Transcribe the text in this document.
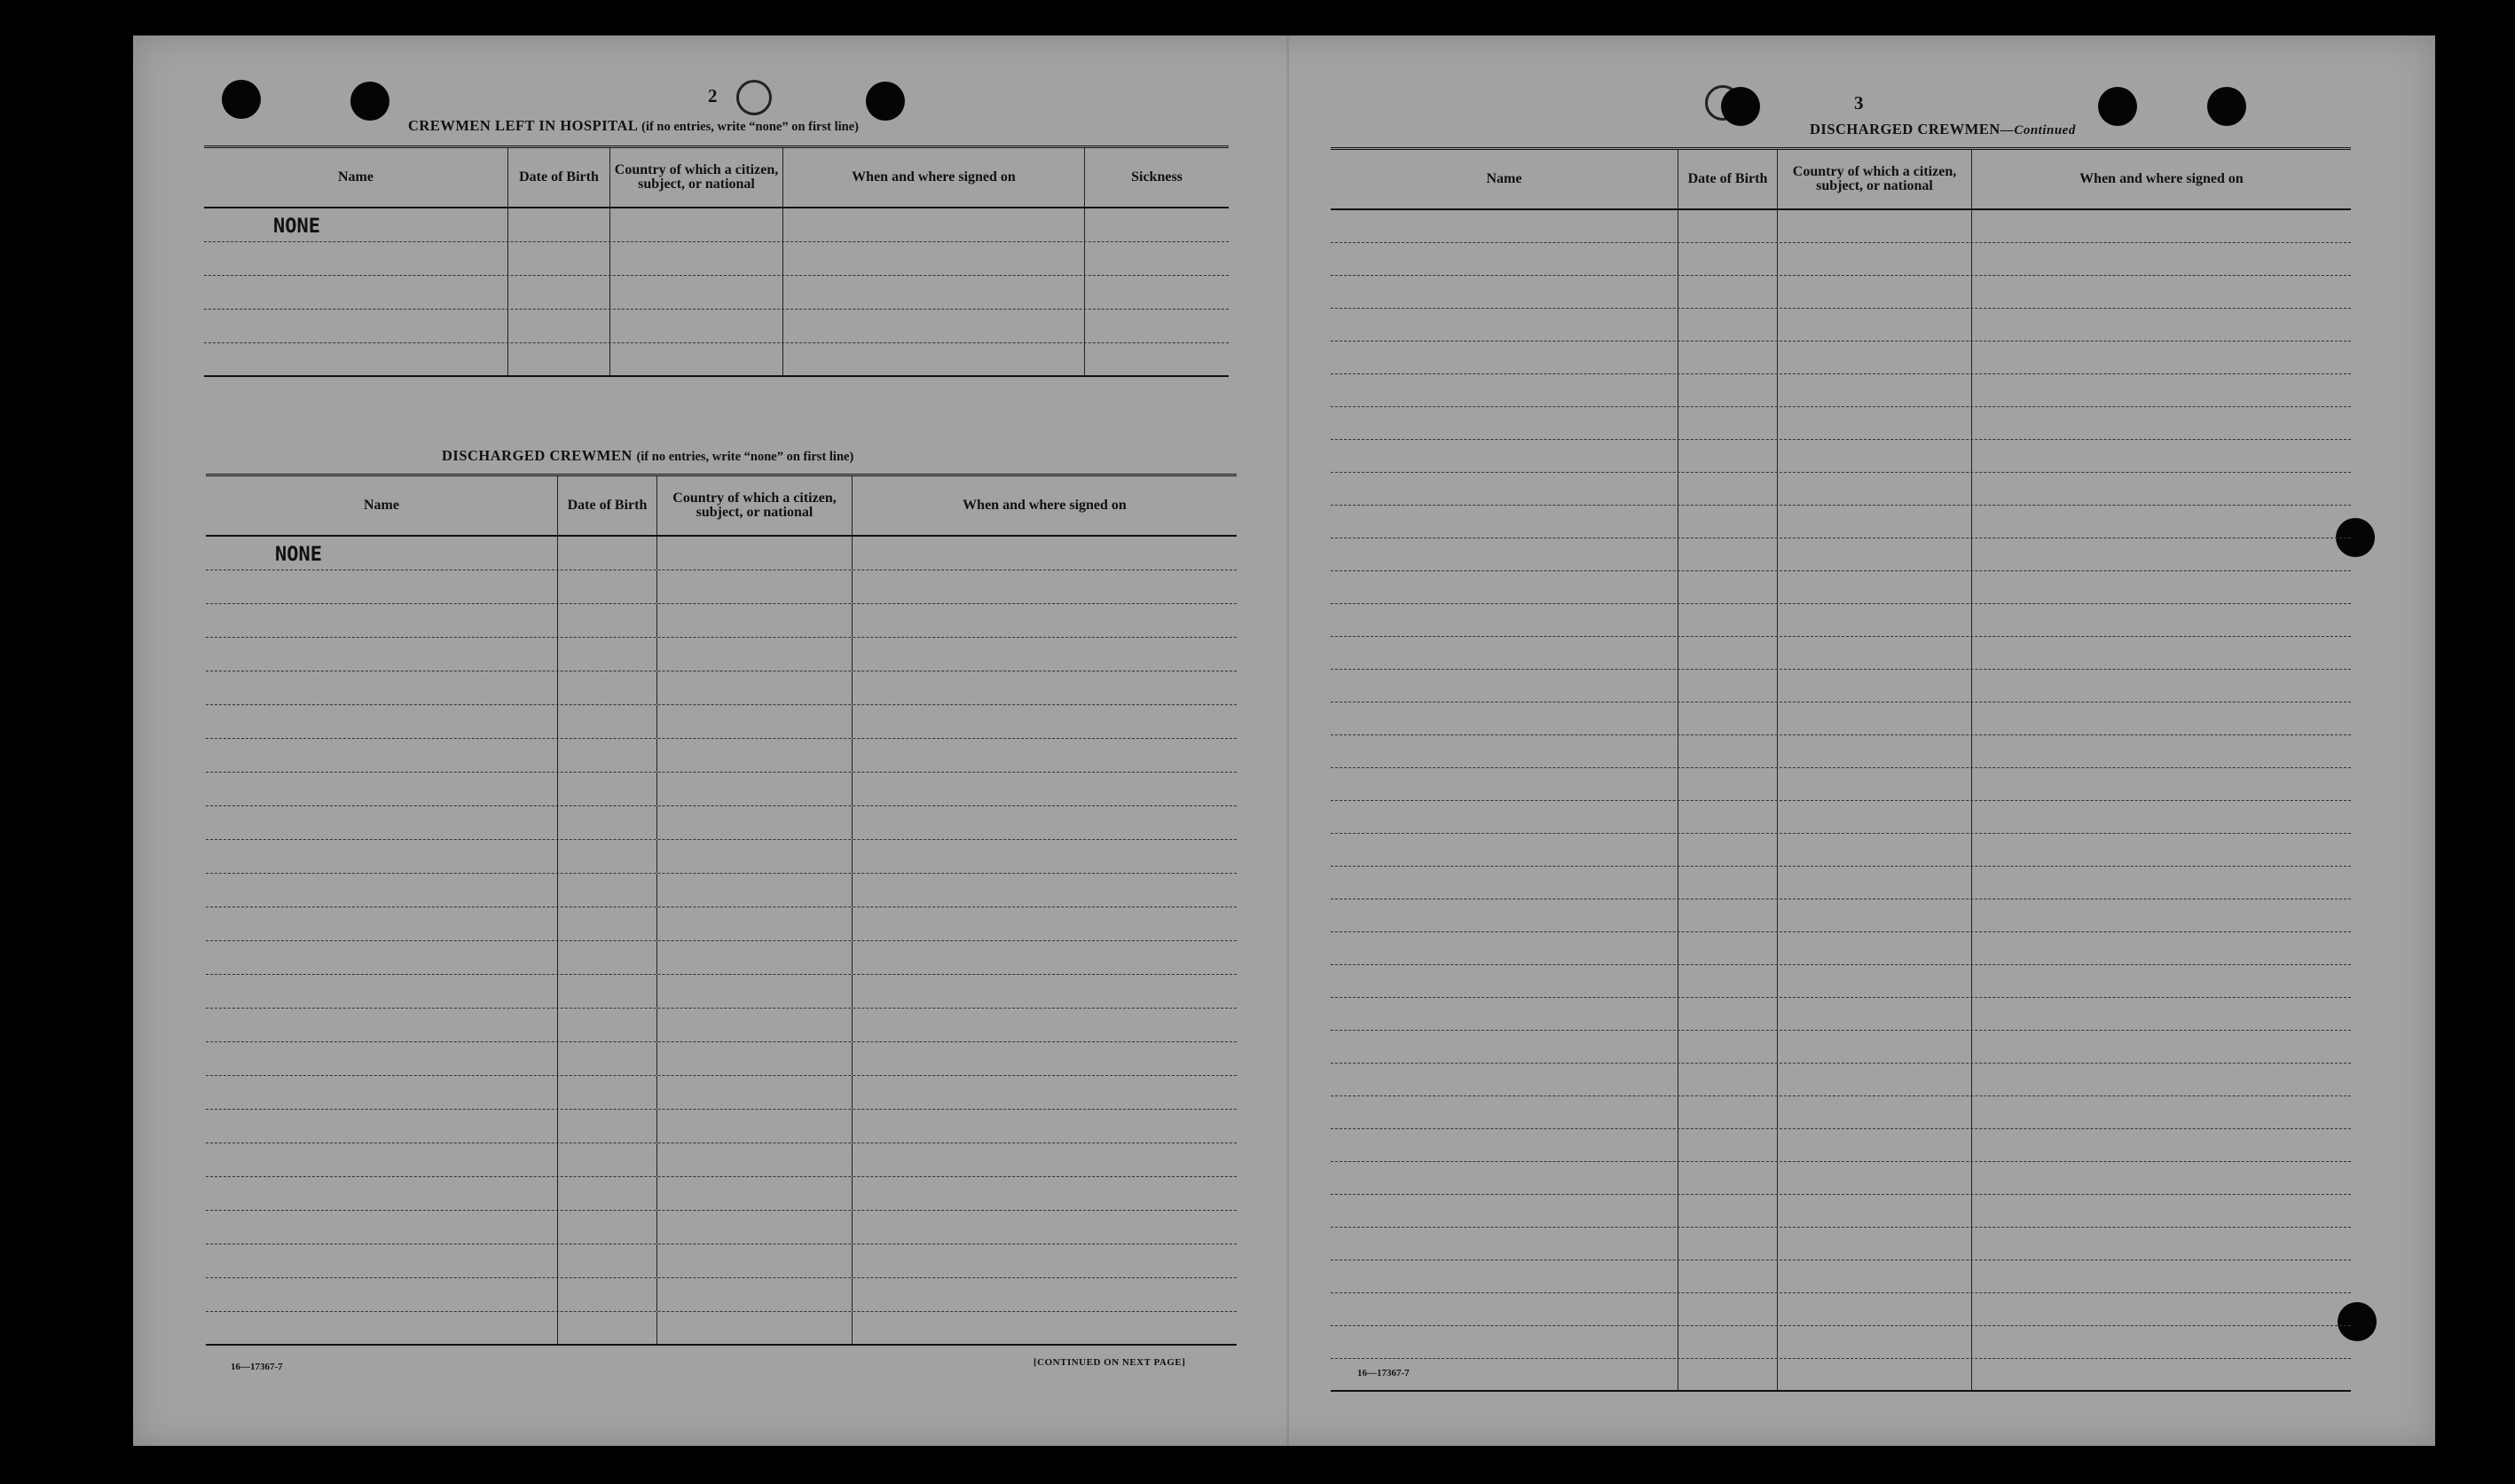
2
CREWMEN LEFT IN HOSPITAL (if no entries, write “none” on first line)
Name	Date of Birth	Country of which a citizen, subject, or national	When and where signed on	Sickness
NONE
DISCHARGED CREWMEN (if no entries, write “none” on first line)
Name	Date of Birth	Country of which a citizen, subject, or national	When and where signed on
NONE
16—17367-7	[CONTINUED ON NEXT PAGE]
3
DISCHARGED CREWMEN—Continued
Name	Date of Birth	Country of which a citizen, subject, or national	When and where signed on
16—17367-7
